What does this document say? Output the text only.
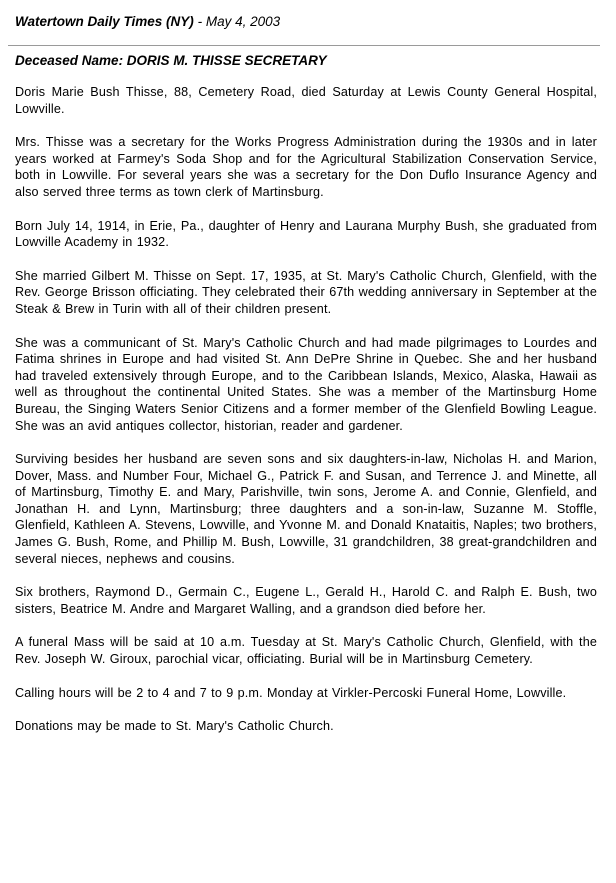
Watertown Daily Times (NY) - May 4, 2003
Deceased Name: DORIS M. THISSE SECRETARY

Doris Marie Bush Thisse, 88, Cemetery Road, died Saturday at Lewis County General Hospital, Lowville.

Mrs. Thisse was a secretary for the Works Progress Administration during the 1930s and in later years worked at Farmey's Soda Shop and for the Agricultural Stabilization Conservation Service, both in Lowville. For several years she was a secretary for the Don Duflo Insurance Agency and also served three terms as town clerk of Martinsburg.

Born July 14, 1914, in Erie, Pa., daughter of Henry and Laurana Murphy Bush, she graduated from Lowville Academy in 1932.

She married Gilbert M. Thisse on Sept. 17, 1935, at St. Mary's Catholic Church, Glenfield, with the Rev. George Brisson officiating. They celebrated their 67th wedding anniversary in September at the Steak & Brew in Turin with all of their children present.

She was a communicant of St. Mary's Catholic Church and had made pilgrimages to Lourdes and Fatima shrines in Europe and had visited St. Ann DePre Shrine in Quebec. She and her husband had traveled extensively through Europe, and to the Caribbean Islands, Mexico, Alaska, Hawaii as well as throughout the continental United States. She was a member of the Martinsburg Home Bureau, the Singing Waters Senior Citizens and a former member of the Glenfield Bowling League. She was an avid antiques collector, historian, reader and gardener.

Surviving besides her husband are seven sons and six daughters-in-law, Nicholas H. and Marion, Dover, Mass. and Number Four, Michael G., Patrick F. and Susan, and Terrence J. and Minette, all of Martinsburg, Timothy E. and Mary, Parishville, twin sons, Jerome A. and Connie, Glenfield, and Jonathan H. and Lynn, Martinsburg; three daughters and a son-in-law, Suzanne M. Stoffle, Glenfield, Kathleen A. Stevens, Lowville, and Yvonne M. and Donald Knataitis, Naples; two brothers, James G. Bush, Rome, and Phillip M. Bush, Lowville, 31 grandchildren, 38 great-grandchildren and several nieces, nephews and cousins.

Six brothers, Raymond D., Germain C., Eugene L., Gerald H., Harold C. and Ralph E. Bush, two sisters, Beatrice M. Andre and Margaret Walling, and a grandson died before her.

A funeral Mass will be said at 10 a.m. Tuesday at St. Mary's Catholic Church, Glenfield, with the Rev. Joseph W. Giroux, parochial vicar, officiating. Burial will be in Martinsburg Cemetery.

Calling hours will be 2 to 4 and 7 to 9 p.m. Monday at Virkler-Percoski Funeral Home, Lowville.

Donations may be made to St. Mary's Catholic Church.
